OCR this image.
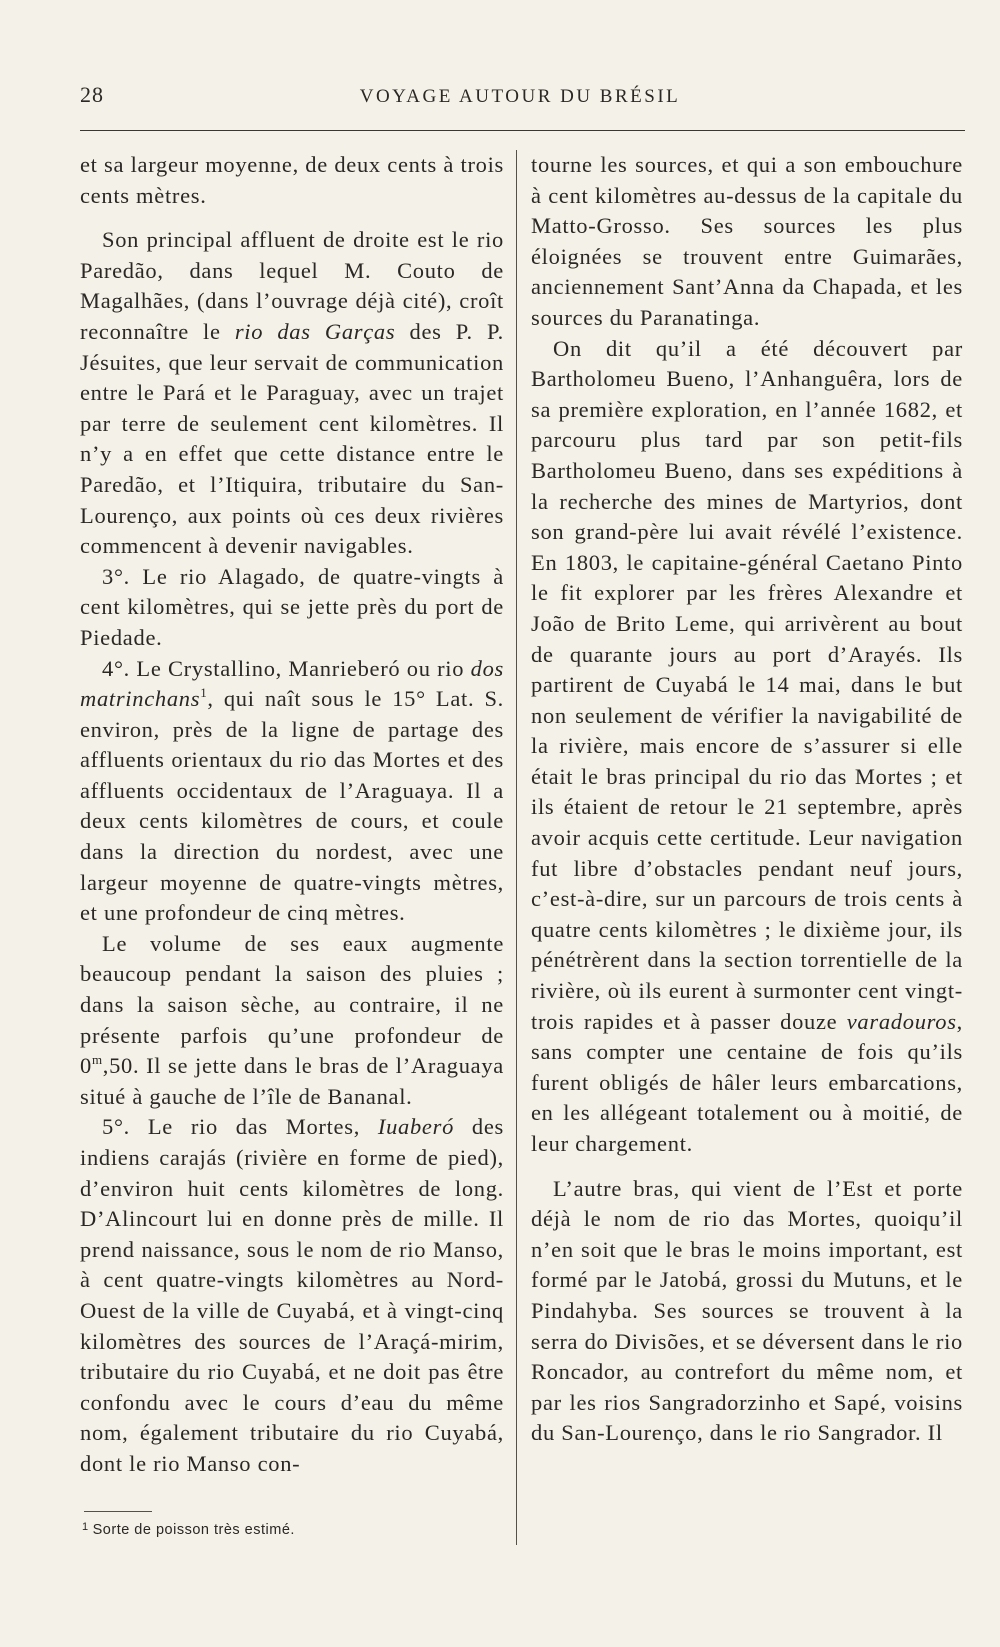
28	VOYAGE AUTOUR DU BRÉSIL

et sa largeur moyenne, de deux cents à trois cents mètres.

Son principal affluent de droite est le rio Paredão, dans lequel M. Couto de Magalhães, (dans l’ouvrage déjà cité), croît reconnaître le rio das Garças des P. P. Jésuites, que leur servait de communication entre le Pará et le Paraguay, avec un trajet par terre de seulement cent kilomètres. Il n’y a en effet que cette distance entre le Paredão, et l’Itiquira, tributaire du San-Lourenço, aux points où ces deux rivières commencent à devenir navigables.

3°. Le rio Alagado, de quatre-vingts à cent kilomètres, qui se jette près du port de Piedade.

4°. Le Crystallino, Manrieberó ou rio dos matrinchans$^1$, qui naît sous le 15° Lat. S. environ, près de la ligne de partage des affluents orientaux du rio das Mortes et des affluents occidentaux de l’Araguaya. Il a deux cents kilomètres de cours, et coule dans la direction du nordest, avec une largeur moyenne de quatre-vingts mètres, et une profondeur de cinq mètres.

Le volume de ses eaux augmente beaucoup pendant la saison des pluies ; dans la saison sèche, au contraire, il ne présente parfois qu’une profondeur de 0$^m$,50. Il se jette dans le bras de l’Araguaya situé à gauche de l’île de Bananal.

5°. Le rio das Mortes, Iuaberó des indiens carajás (rivière en forme de pied), d’environ huit cents kilomètres de long. D’Alincourt lui en donne près de mille. Il prend naissance, sous le nom de rio Manso, à cent quatre-vingts kilomètres au Nord-Ouest de la ville de Cuyabá, et à vingt-cinq kilomètres des sources de l’Araçá-mirim, tributaire du rio Cuyabá, et ne doit pas être confondu avec le cours d’eau du même nom, également tributaire du rio Cuyabá, dont le rio Manso con-

tourne les sources, et qui a son embouchure à cent kilomètres au-dessus de la capitale du Matto-Grosso. Ses sources les plus éloignées se trouvent entre Guimarães, anciennement Sant’Anna da Chapada, et les sources du Paranatinga.

On dit qu’il a été découvert par Bartholomeu Bueno, l’Anhanguêra, lors de sa première exploration, en l’année 1682, et parcouru plus tard par son petit-fils Bartholomeu Bueno, dans ses expéditions à la recherche des mines de Martyrios, dont son grand-père lui avait révélé l’existence. En 1803, le capitaine-général Caetano Pinto le fit explorer par les frères Alexandre et João de Brito Leme, qui arrivèrent au bout de quarante jours au port d’Arayés. Ils partirent de Cuyabá le 14 mai, dans le but non seulement de vérifier la navigabilité de la rivière, mais encore de s’assurer si elle était le bras principal du rio das Mortes ; et ils étaient de retour le 21 septembre, après avoir acquis cette certitude. Leur navigation fut libre d’obstacles pendant neuf jours, c’est-à-dire, sur un parcours de trois cents à quatre cents kilomètres ; le dixième jour, ils pénétrèrent dans la section torrentielle de la rivière, où ils eurent à surmonter cent vingt-trois rapides et à passer douze varadouros, sans compter une centaine de fois qu’ils furent obligés de hâler leurs embarcations, en les allégeant totalement ou à moitié, de leur chargement.

L’autre bras, qui vient de l’Est et porte déjà le nom de rio das Mortes, quoiqu’il n’en soit que le bras le moins important, est formé par le Jatobá, grossi du Mutuns, et le Pindahyba. Ses sources se trouvent à la serra do Divisões, et se déversent dans le rio Roncador, au contrefort du même nom, et par les rios Sangradorzinho et Sapé, voisins du San-Lourenço, dans le rio Sangrador. Il

$^1$ Sorte de poisson très estimé.
